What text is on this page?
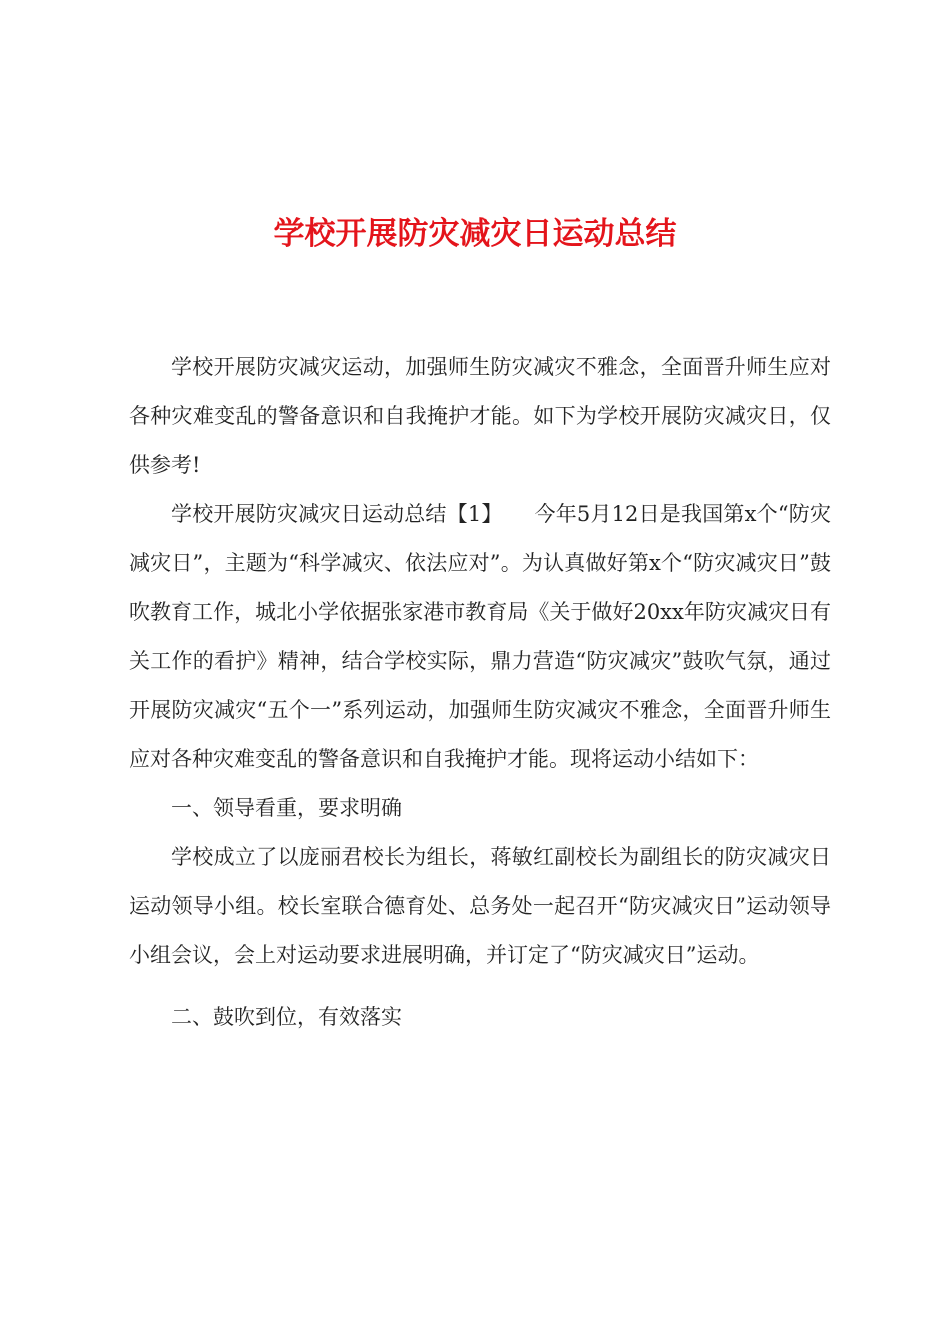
学校开展防灾减灾日运动总结

学校开展防灾减灾运动，加强师生防灾减灾不雅念，全面晋升师生应对各种灾难变乱的警备意识和自我掩护才能。如下为学校开展防灾减灾日，仅供参考!

学校开展防灾减灾日运动总结【1】　　今年5月12日是我国第x个“防灾减灾日”，主题为“科学减灾、依法应对”。为认真做好第x个“防灾减灾日”鼓吹教育工作，城北小学依据张家港市教育局《关于做好20xx年防灾减灾日有关工作的看护》精神，结合学校实际，鼎力营造“防灾减灾”鼓吹气氛，通过开展防灾减灾“五个一”系列运动，加强师生防灾减灾不雅念，全面晋升师生应对各种灾难变乱的警备意识和自我掩护才能。现将运动小结如下：

一、领导看重，要求明确

学校成立了以庞丽君校长为组长，蒋敏红副校长为副组长的防灾减灾日运动领导小组。校长室联合德育处、总务处一起召开“防灾减灾日”运动领导小组会议，会上对运动要求进展明确，并订定了“防灾减灾日”运动。

二、鼓吹到位，有效落实
